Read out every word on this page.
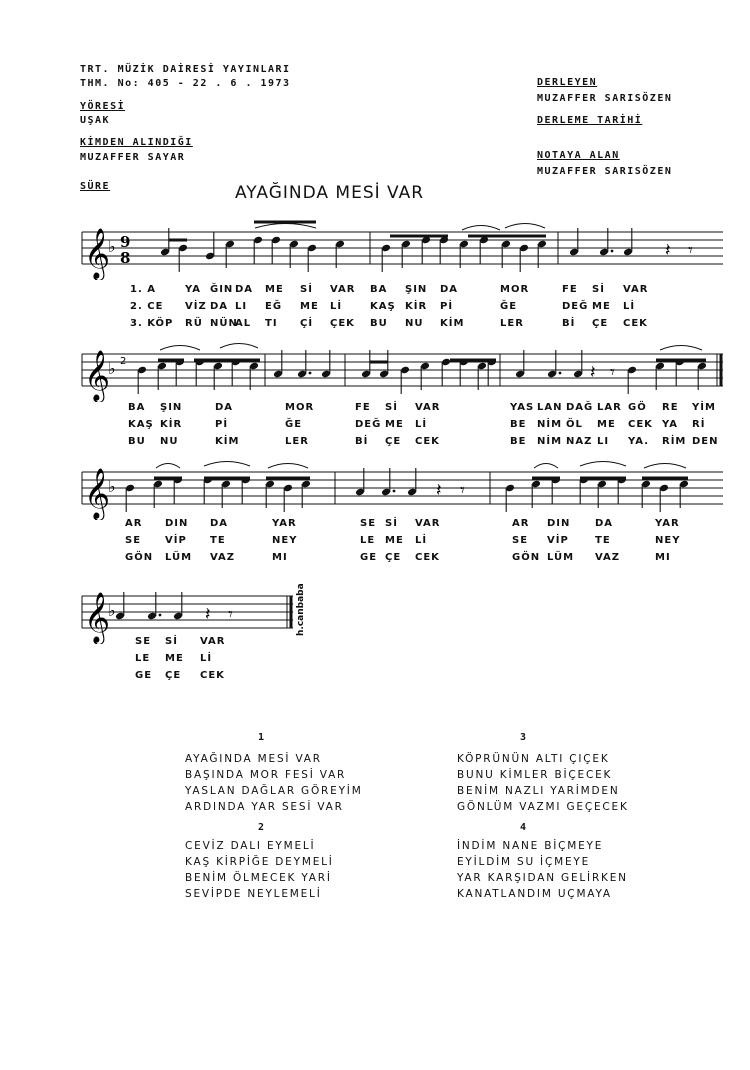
TRT. MÜZİK DAİRESİ YAYINLARI
THM. No: 405 - 22 . 6 . 1973
YÖRESİ
UŞAK
KİMDEN ALINDIĞI
MUZAFFER SAYAR
SÜRE
DERLEYEN
MUZAFFER SARISÖZEN
DERLEME TARİHİ
NOTAYA ALAN
MUZAFFER SARISÖZEN
AYAĞINDA MESİ VAR
𝄞
♭ 9
8	𝄽 𝄾
𝄞
♭ 2
𝄽 𝄾
𝄞
♭	𝄽 𝄾
𝄞
♭	𝄽 𝄾	h.canbaba
1. A	YA ĞIN DA ME Sİ VAR BA ŞIN DA	MOR	FE Sİ VAR
2. CE VİZ DA LI EĞ ME Lİ	KAŞ KİR Pİ	ĞE	DEĞ ME Lİ
3. KÖP RÜ NÜN
AL TI Çİ ÇEK BU NU KİM	LER	Bİ ÇE CEK
BA ŞIN	DA	MOR	FE Sİ VAR	YAS LAN DAĞ LAR GÖ RE YİM
KAŞ KİR	Pİ	ĞE	DEĞ ME Lİ	BE NİM ÖL ME CEK YA Rİ
BU NU	KİM	LER	Bİ ÇE CEK	BE NİM NAZ LI YA. RİM DEN
AR DIN DA	YAR	SE Sİ VAR	AR DIN DA	YAR
SE VİP TE	NEY	LE ME Lİ	SE VİP	TE	NEY
GÖN LÜM VAZ	MI	GE ÇE CEK	GÖN LÜM VAZ	MI
SE Sİ VAR
LE ME Lİ
GE ÇE CEK
1
AYAĞINDA MESİ VAR
BAŞINDA MOR FESİ VAR
YASLAN DAĞLAR GÖREYİM
ARDINDA YAR SESİ VAR
2
CEVİZ DALI EYMELİ
KAŞ KİRPİĞE DEYMELİ
BENİM ÖLMECEK YARİ
SEVİPDE NEYLEMELİ
3
KÖPRÜNÜN ALTI ÇIÇEK
BUNU KİMLER BİÇECEK
BENİM NAZLI YARİMDEN
GÖNLÜM VAZMI GEÇECEK
4
İNDİM NANE BİÇMEYE
EYİLDİM SU İÇMEYE
YAR KARŞIDAN GELİRKEN
KANATLANDIM UÇMAYA
